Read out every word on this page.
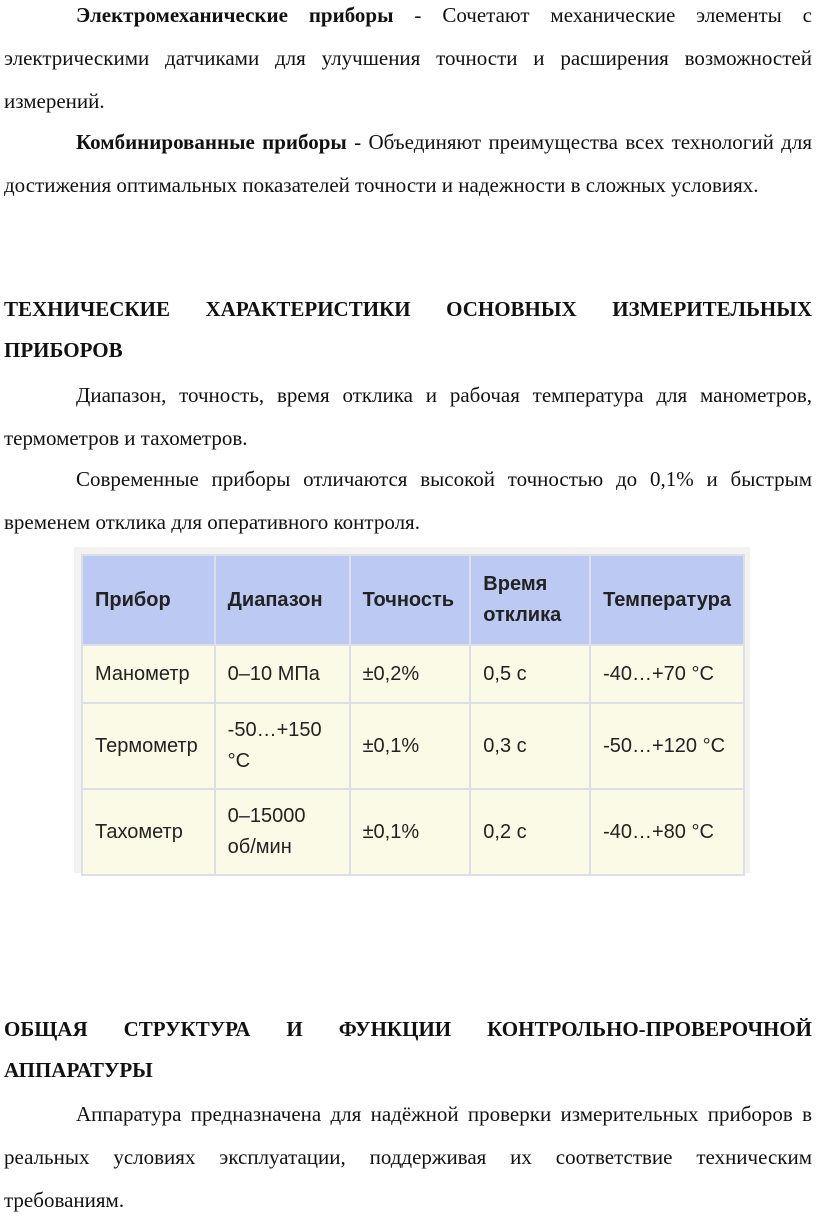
Электромеханические приборы - Сочетают механические элементы с электрическими датчиками для улучшения точности и расширения возможностей измерений.

Комбинированные приборы - Объединяют преимущества всех технологий для достижения оптимальных показателей точности и надежности в сложных условиях.

ТЕХНИЧЕСКИЕ ХАРАКТЕРИСТИКИ ОСНОВНЫХ ИЗМЕРИТЕЛЬНЫХ ПРИБОРОВ

Диапазон, точность, время отклика и рабочая температура для манометров, термометров и тахометров.

Современные приборы отличаются высокой точностью до 0,1% и быстрым временем отклика для оперативного контроля.

Прибор	Диапазон	Точность	Время отклика	Температура
Манометр	0–10 МПа	±0,2%	0,5 с	-40…+70 °С
Термометр	-50…+150 °С	±0,1%	0,3 с	-50…+120 °С
Тахометр	0–15000 об/мин	±0,1%	0,2 с	-40…+80 °С
ОБЩАЯ СТРУКТУРА И ФУНКЦИИ КОНТРОЛЬНО-ПРОВЕРОЧНОЙ АППАРАТУРЫ

Аппаратура предназначена для надёжной проверки измерительных приборов в реальных условиях эксплуатации, поддерживая их соответствие техническим требованиям.
